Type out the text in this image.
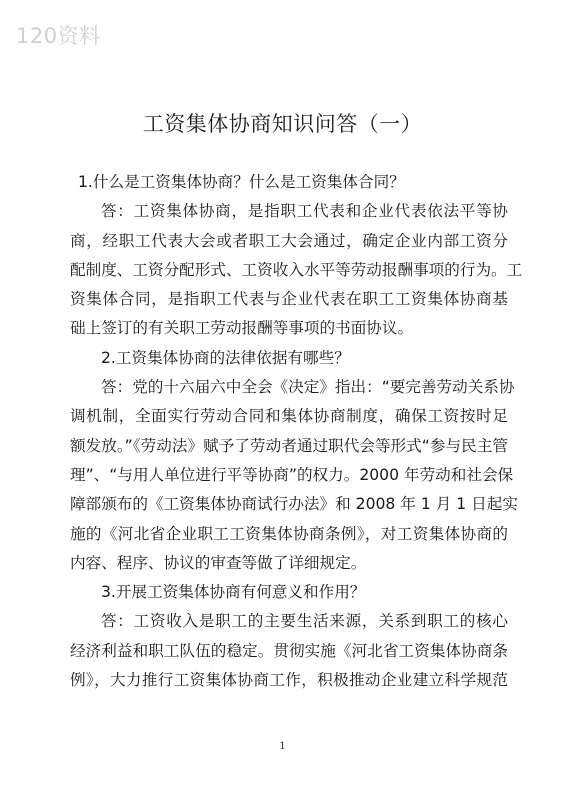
120资料
工资集体协商知识问答（一）
1.什么是工资集体协商？什么是工资集体合同？
答：工资集体协商，是指职工代表和企业代表依法平等协
商，经职工代表大会或者职工大会通过，确定企业内部工资分
配制度、工资分配形式、工资收入水平等劳动报酬事项的行为。工
资集体合同，是指职工代表与企业代表在职工工资集体协商基
础上签订的有关职工劳动报酬等事项的书面协议。
2.工资集体协商的法律依据有哪些？
答：党的十六届六中全会《决定》指出：“要完善劳动关系协
调机制，全面实行劳动合同和集体协商制度，确保工资按时足
额发放。”《劳动法》赋予了劳动者通过职代会等形式“参与民主管
理”、“与用人单位进行平等协商”的权力。2000 年劳动和社会保
障部颁布的《工资集体协商试行办法》和 2008 年 1 月 1 日起实
施的《河北省企业职工工资集体协商条例》，对工资集体协商的
内容、程序、协议的审查等做了详细规定。
3.开展工资集体协商有何意义和作用？
答：工资收入是职工的主要生活来源，关系到职工的核心
经济利益和职工队伍的稳定。贯彻实施《河北省工资集体协商条
例》，大力推行工资集体协商工作，积极推动企业建立科学规范
1
